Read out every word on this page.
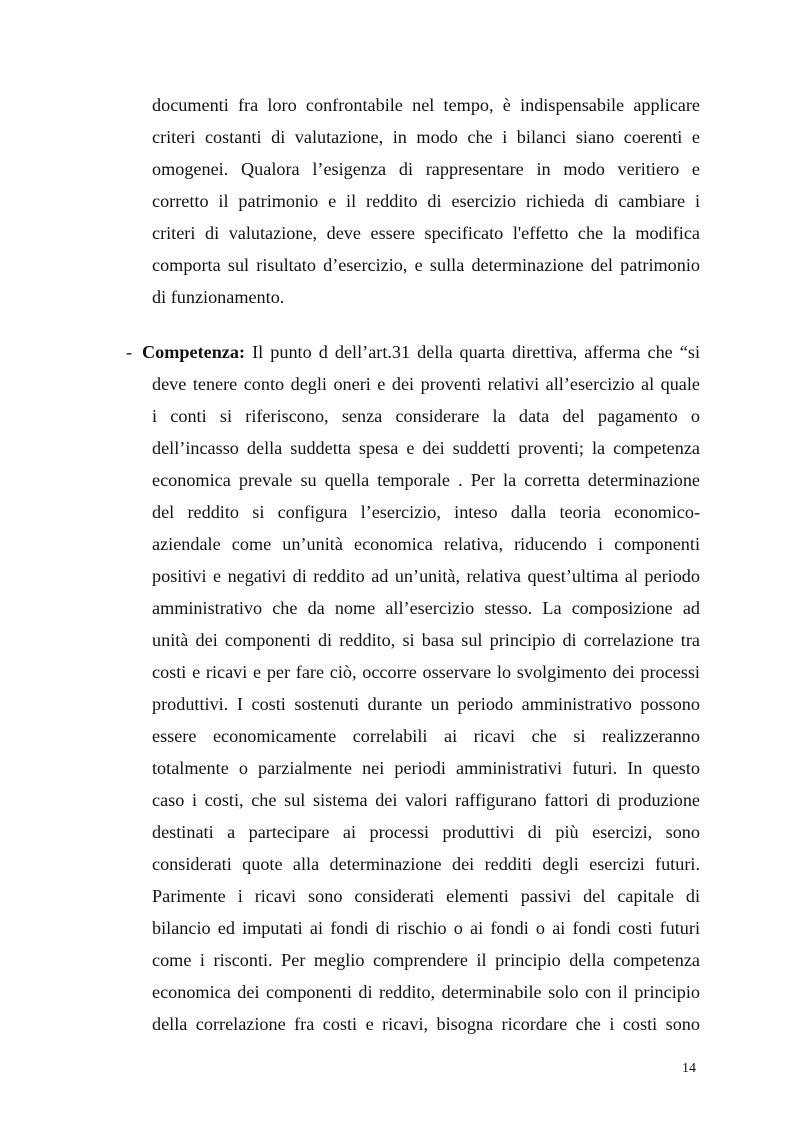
documenti fra loro confrontabile nel tempo, è indispensabile applicare
criteri costanti di valutazione, in modo che i bilanci siano coerenti e
omogenei. Qualora l’esigenza di rappresentare in modo veritiero e
corretto il patrimonio e il reddito di esercizio richieda di cambiare i
criteri di valutazione, deve essere specificato l'effetto che la modifica
comporta sul risultato d’esercizio, e sulla determinazione del patrimonio
di funzionamento.
- Competenza: Il punto d dell’art.31 della quarta direttiva, afferma che “si
deve tenere conto degli oneri e dei proventi relativi all’esercizio al quale
i conti si riferiscono, senza considerare la data del pagamento o
dell’incasso della suddetta spesa e dei suddetti proventi; la competenza
economica prevale su quella temporale . Per la corretta determinazione
del reddito si configura l’esercizio, inteso dalla teoria economico-
aziendale come un’unità economica relativa, riducendo i componenti
positivi e negativi di reddito ad un’unità, relativa quest’ultima al periodo
amministrativo che da nome all’esercizio stesso. La composizione ad
unità dei componenti di reddito, si basa sul principio di correlazione tra
costi e ricavi e per fare ciò, occorre osservare lo svolgimento dei processi
produttivi. I costi sostenuti durante un periodo amministrativo possono
essere economicamente correlabili ai ricavi che si realizzeranno
totalmente o parzialmente nei periodi amministrativi futuri. In questo
caso i costi, che sul sistema dei valori raffigurano fattori di produzione
destinati a partecipare ai processi produttivi di più esercizi, sono
considerati quote alla determinazione dei redditi degli esercizi futuri.
Parimente i ricavi sono considerati elementi passivi del capitale di
bilancio ed imputati ai fondi di rischio o ai fondi o ai fondi costi futuri
come i risconti. Per meglio comprendere il principio della competenza
economica dei componenti di reddito, determinabile solo con il principio
della correlazione fra costi e ricavi, bisogna ricordare che i costi sono
14
